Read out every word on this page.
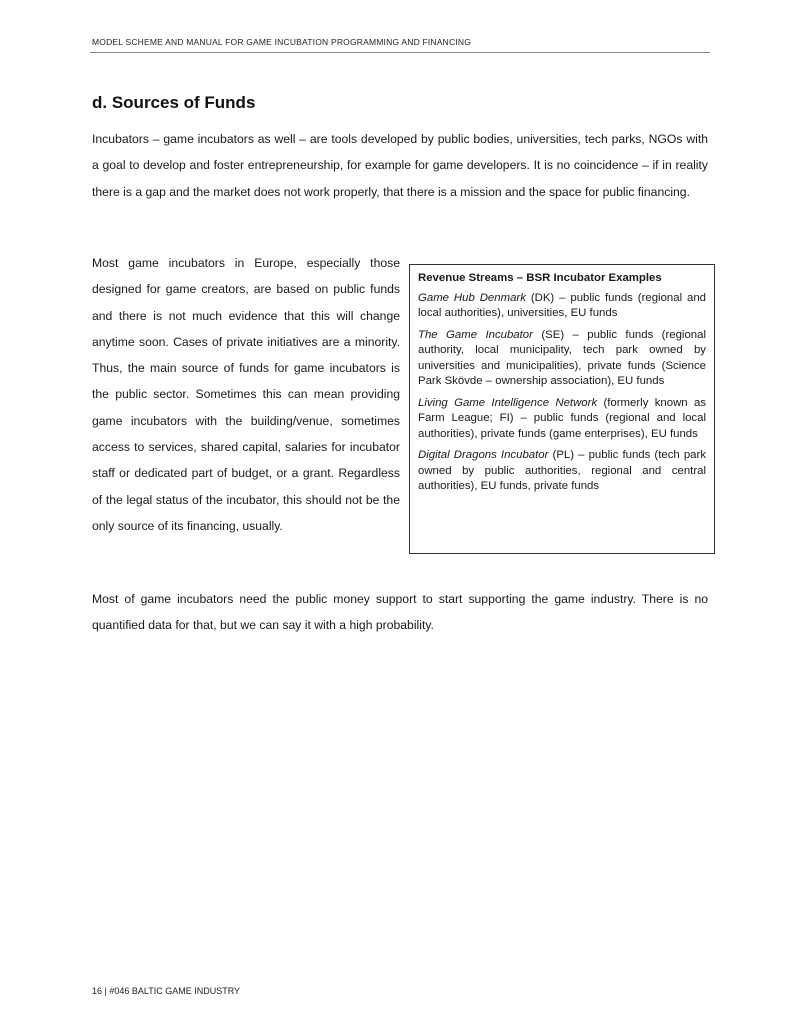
MODEL SCHEME AND MANUAL FOR GAME INCUBATION PROGRAMMING AND FINANCING
d. Sources of Funds

Incubators – game incubators as well – are tools developed by public bodies, universities, tech parks, NGOs with a goal to develop and foster entrepreneurship, for example for game developers. It is no coincidence – if in reality there is a gap and the market does not work properly, that there is a mission and the space for public financing.

Most game incubators in Europe, especially those designed for game creators, are based on public funds and there is not much evidence that this will change anytime soon. Cases of private initiatives are a minority. Thus, the main source of funds for game incubators is the public sector. Sometimes this can mean providing game incubators with the building/venue, sometimes access to services, shared capital, salaries for incubator staff or dedicated part of budget, or a grant. Regardless of the legal status of the incubator, this should not be the only source of its financing, usually.

Revenue Streams – BSR Incubator Examples
Game Hub Denmark (DK) – public funds (regional and local authorities), universities, EU funds
The Game Incubator (SE) – public funds (regional authority, local municipality, tech park owned by universities and municipalities), private funds (Science Park Skövde – ownership association), EU funds
Living Game Intelligence Network (formerly known as Farm League; FI) – public funds (regional and local authorities), private funds (game enterprises), EU funds
Digital Dragons Incubator (PL) – public funds (tech park owned by public authorities, regional and central authorities), EU funds, private funds

Most of game incubators need the public money support to start supporting the game industry. There is no quantified data for that, but we can say it with a high probability.

16 | #046 BALTIC GAME INDUSTRY
